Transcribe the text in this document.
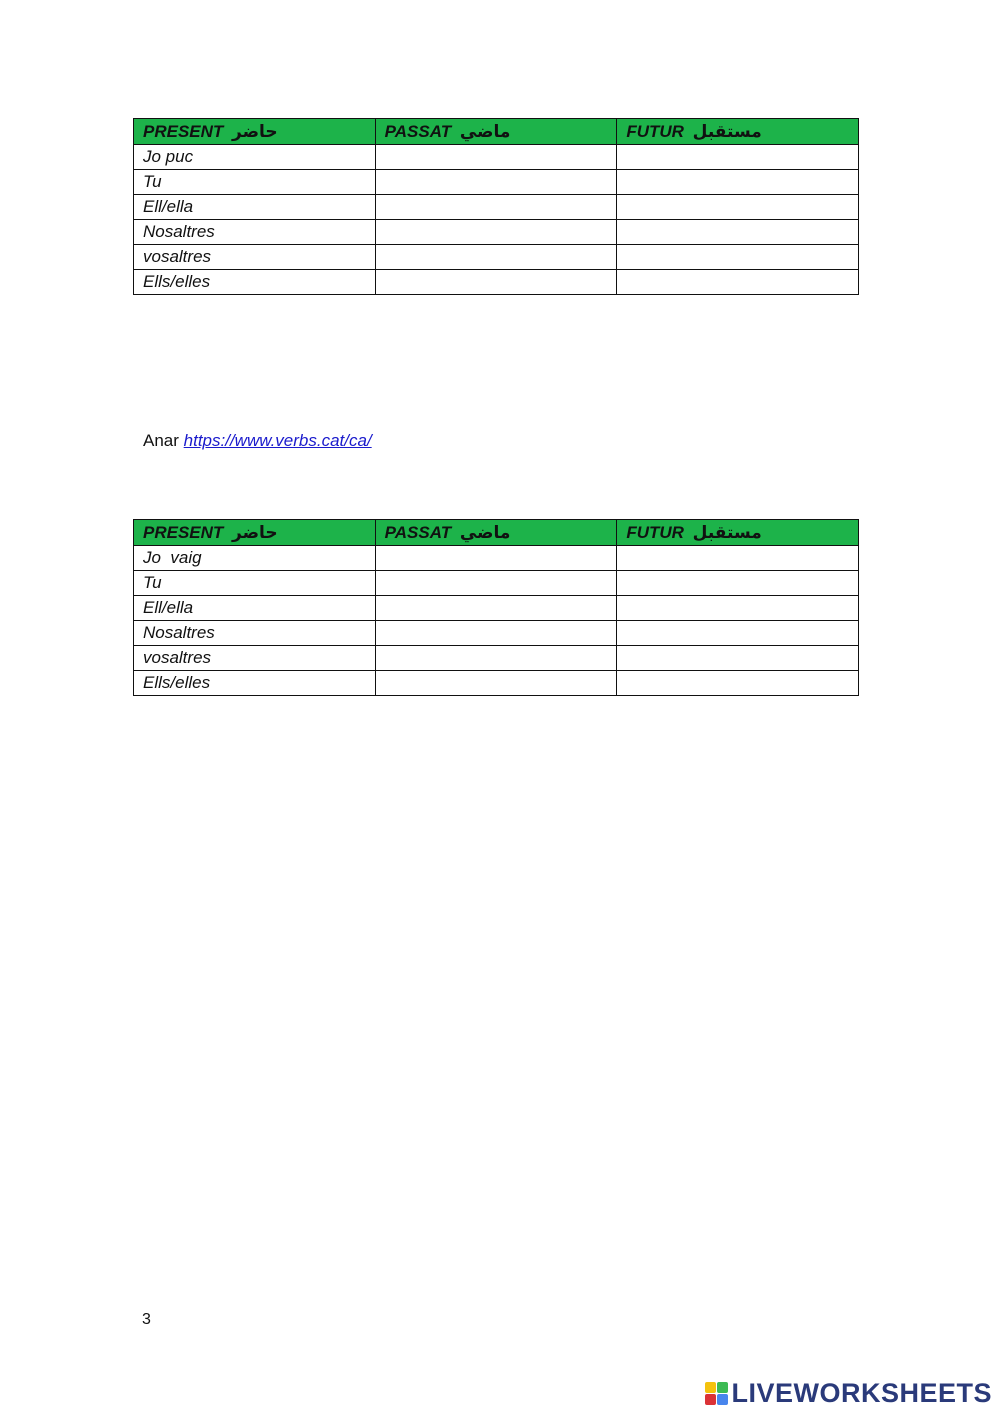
PRESENT حاضر	PASSAT ماضي	FUTUR مستقبل
Jo puc		
Tu		
Ell/ella		
Nosaltres		
vosaltres		
Ells/elles		
Anar https://www.verbs.cat/ca/
PRESENT حاضر	PASSAT ماضي	FUTUR مستقبل
Jo  vaig		
Tu		
Ell/ella		
Nosaltres		
vosaltres		
Ells/elles		
3
LIVEWORKSHEETS
